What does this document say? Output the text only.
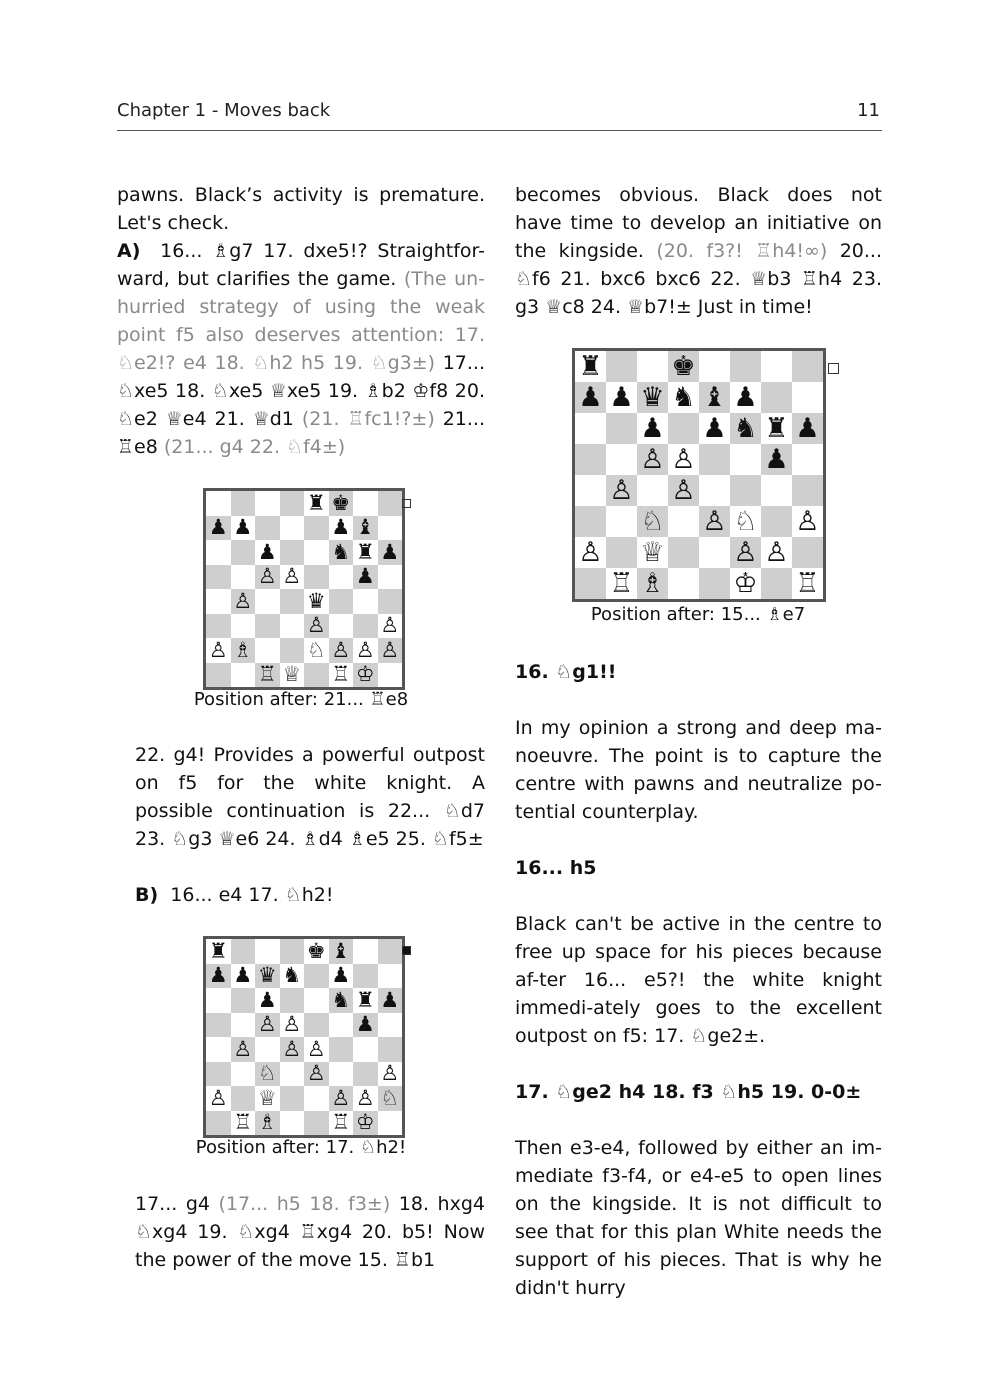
Chapter 1 - Moves back	11

pawns. Black’s activity is premature. Let's check.

A) 16... ♗g7 17. dxe5!? Straightfor-ward, but clarifies the game. (The un-hurried strategy of using the weak point f5 also deserves attention: 17. ♘e2!? e4 18. ♘h2 h5 19. ♘g3±) 17... ♘xe5 18. ♘xe5 ♕xe5 19. ♗b2 ♔f8 20. ♘e2 ♕e4 21. ♕d1 (21. ♖fc1!?±) 21... ♖e8 (21... g4 22. ♘f4±)

♜ ♚
♟ ♟	♟ ♝
♟	♞ ♜ ♟
♙ ♙	♟
♙	♛
♙	♙
♙ ♗	♘ ♙ ♙ ♙
♖ ♕ ♖ ♔
Position after: 21... ♖e8

22. g4! Provides a powerful outpost on f5 for the white knight. A possible continuation is 22... ♘d7 23. ♘g3 ♕e6 24. ♗d4 ♗e5 25. ♘f5±

B) 16... e4 17. ♘h2!

♜	♚ ♝
♟ ♟ ♛ ♞ ♟
♟	♞ ♜ ♟
♙ ♙	♟
♙ ♙ ♙
♘ ♙	♙
♙ ♕	♙ ♙ ♘
♖ ♗	♖ ♔
Position after: 17. ♘h2!

17... g4 (17... h5 18. f3±) 18. hxg4 ♘xg4 19. ♘xg4 ♖xg4 20. b5! Now the power of the move 15. ♖b1

becomes obvious. Black does not have time to develop an initiative on the kingside. (20. f3?! ♖h4!∞) 20... ♘f6 21. bxc6 bxc6 22. ♕b3 ♖h4 23. g3 ♕c8 24. ♕b7!± Just in time!

♜	♚
♟ ♟ ♛ ♞ ♝ ♟
♟ ♟ ♞ ♜ ♟
♙ ♙	♟
♙ ♙
♘ ♙ ♘ ♙
♙ ♕	♙ ♙
♖ ♗	♔ ♖
Position after: 15... ♗e7

16. ♘g1!!

In my opinion a strong and deep ma-noeuvre. The point is to capture the centre with pawns and neutralize po-tential counterplay.

16... h5

Black can't be active in the centre to free up space for his pieces because af-ter 16... e5?! the white knight immedi-ately goes to the excellent outpost on f5: 17. ♘ge2±.

17. ♘ge2 h4 18. f3 ♘h5 19. 0-0±

Then e3-e4, followed by either an im-mediate f3-f4, or e4-e5 to open lines on the kingside. It is not difficult to see that for this plan White needs the support of his pieces. That is why he didn't hurry
